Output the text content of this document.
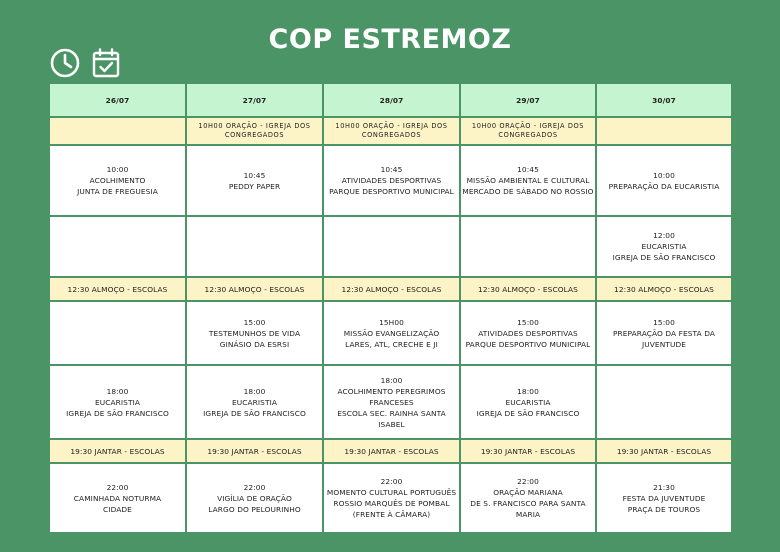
COP ESTREMOZ
26/07	27/07	28/07	29/07	30/07

	10H00 ORAÇÃO - IGREJA DOS
CONGREGADOS	10H00 ORAÇÃO - IGREJA DOS
CONGREGADOS	10H00 ORAÇÃO - IGREJA DOS
CONGREGADOS	

10:00
ACOLHIMENTO
JUNTA DE FREGUESIA	10:45
PEDDY PAPER	10:45
ATIVIDADES DESPORTIVAS
PARQUE DESPORTIVO MUNICIPAL	10:45
MISSÃO AMBIENTAL E CULTURAL
MERCADO DE SÁBADO NO ROSSIO	10:00
PREPARAÇÃO DA EUCARISTIA

				12:00
EUCARISTIA
IGREJA DE SÃO FRANCISCO

12:30 ALMOÇO - ESCOLAS	12:30 ALMOÇO - ESCOLAS	12:30 ALMOÇO - ESCOLAS	12:30 ALMOÇO - ESCOLAS	12:30 ALMOÇO - ESCOLAS

	15:00
TESTEMUNHOS DE VIDA
GINÁSIO DA ESRSI	15H00
MISSÃO EVANGELIZAÇÃO
LARES, ATL, CRECHE E JI	15:00
ATIVIDADES DESPORTIVAS
PARQUE DESPORTIVO MUNICIPAL	15:00
PREPARAÇÃO DA FESTA DA
JUVENTUDE

18:00
EUCARISTIA
IGREJA DE SÃO FRANCISCO	18:00
EUCARISTIA
IGREJA DE SÃO FRANCISCO	18:00
ACOLHIMENTO PEREGRIMOS
FRANCESES
ESCOLA SEC. RAINHA SANTA ISABEL	18:00
EUCARISTIA
IGREJA DE SÃO FRANCISCO	

19:30 JANTAR - ESCOLAS	19:30 JANTAR - ESCOLAS	19:30 JANTAR - ESCOLAS	19:30 JANTAR - ESCOLAS	19:30 JANTAR - ESCOLAS

22:00
CAMINHADA NOTURMA
CIDADE	22:00
VIGÍLIA DE ORAÇÃO
LARGO DO PELOURINHO	22:00
MOMENTO CULTURAL PORTUGUÊS
ROSSIO MARQUÊS DE POMBAL
(FRENTE À CÂMARA)	22:00
ORAÇÃO MARIANA
DE S. FRANCISCO PARA SANTA MARIA	21:30
FESTA DA JUVENTUDE
PRAÇA DE TOUROS
